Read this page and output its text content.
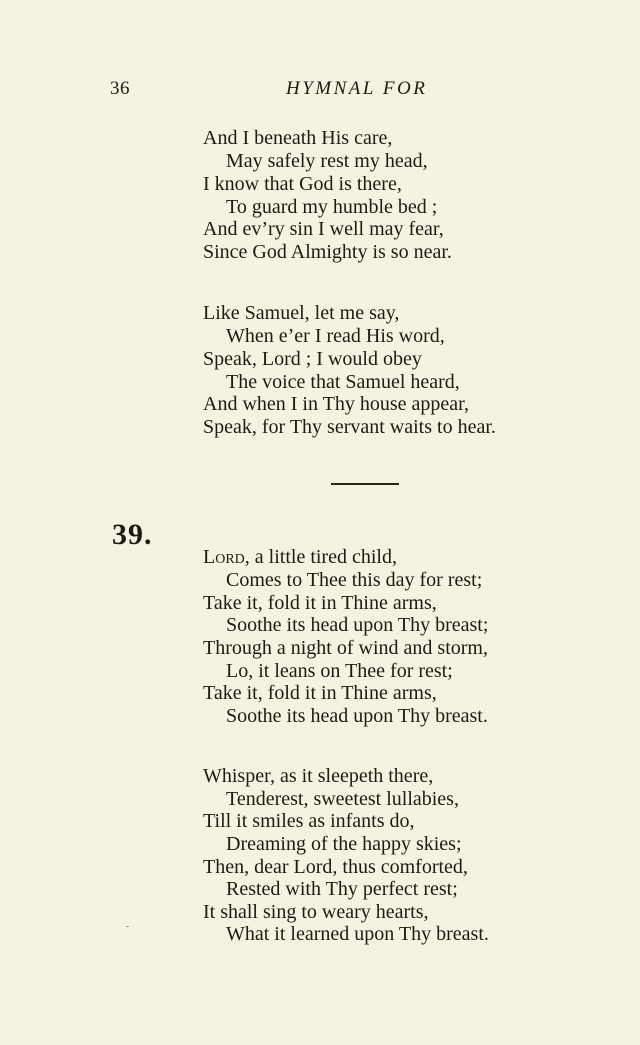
36	HYMNAL FOR
And I beneath His care,
May safely rest my head,
I know that God is there,
To guard my humble bed ;
And ev’ry sin I well may fear,
Since God Almighty is so near.
Like Samuel, let me say,
When e’er I read His word,
Speak, Lord ; I would obey
The voice that Samuel heard,
And when I in Thy house appear,
Speak, for Thy servant waits to hear.
39.
Lord, a little tired child,
Comes to Thee this day for rest;
Take it, fold it in Thine arms,
Soothe its head upon Thy breast;
Through a night of wind and storm,
Lo, it leans on Thee for rest;
Take it, fold it in Thine arms,
Soothe its head upon Thy breast.
Whisper, as it sleepeth there,
Tenderest, sweetest lullabies,
Till it smiles as infants do,
Dreaming of the happy skies;
Then, dear Lord, thus comforted,
Rested with Thy perfect rest;
It shall sing to weary hearts,
What it learned upon Thy breast.
